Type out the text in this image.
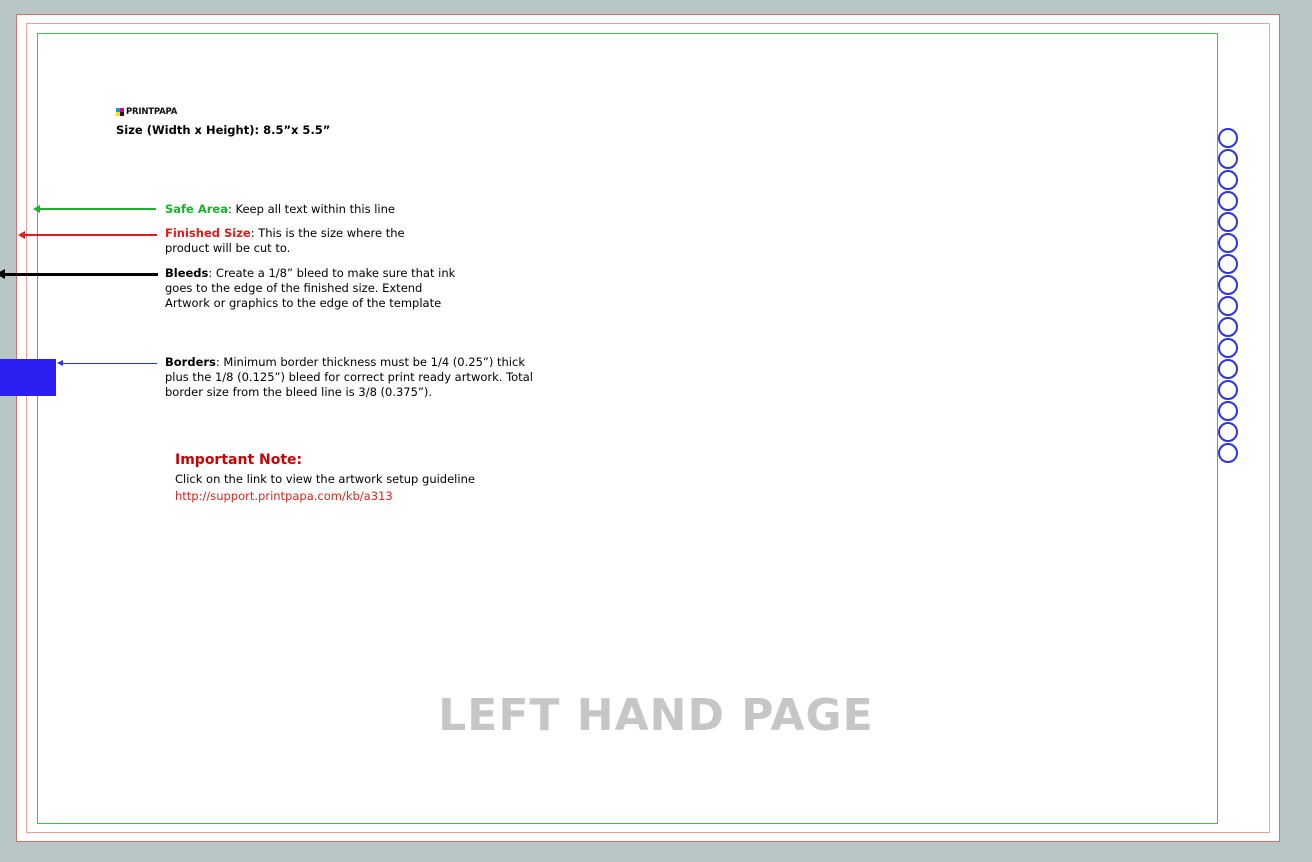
PRINTPAPA
Size (Width x Height): 8.5”x 5.5”
Safe Area: Keep all text within this line
Finished Size: This is the size where the product will be cut to.
Bleeds: Create a 1/8” bleed to make sure that ink goes to the edge of the finished size. Extend Artwork or graphics to the edge of the template
Borders: Minimum border thickness must be 1/4 (0.25”) thick plus the 1/8 (0.125”) bleed for correct print ready artwork. Total border size from the bleed line is 3/8 (0.375”).
Important Note:
Click on the link to view the artwork setup guideline
http://support.printpapa.com/kb/a313
LEFT HAND PAGE
